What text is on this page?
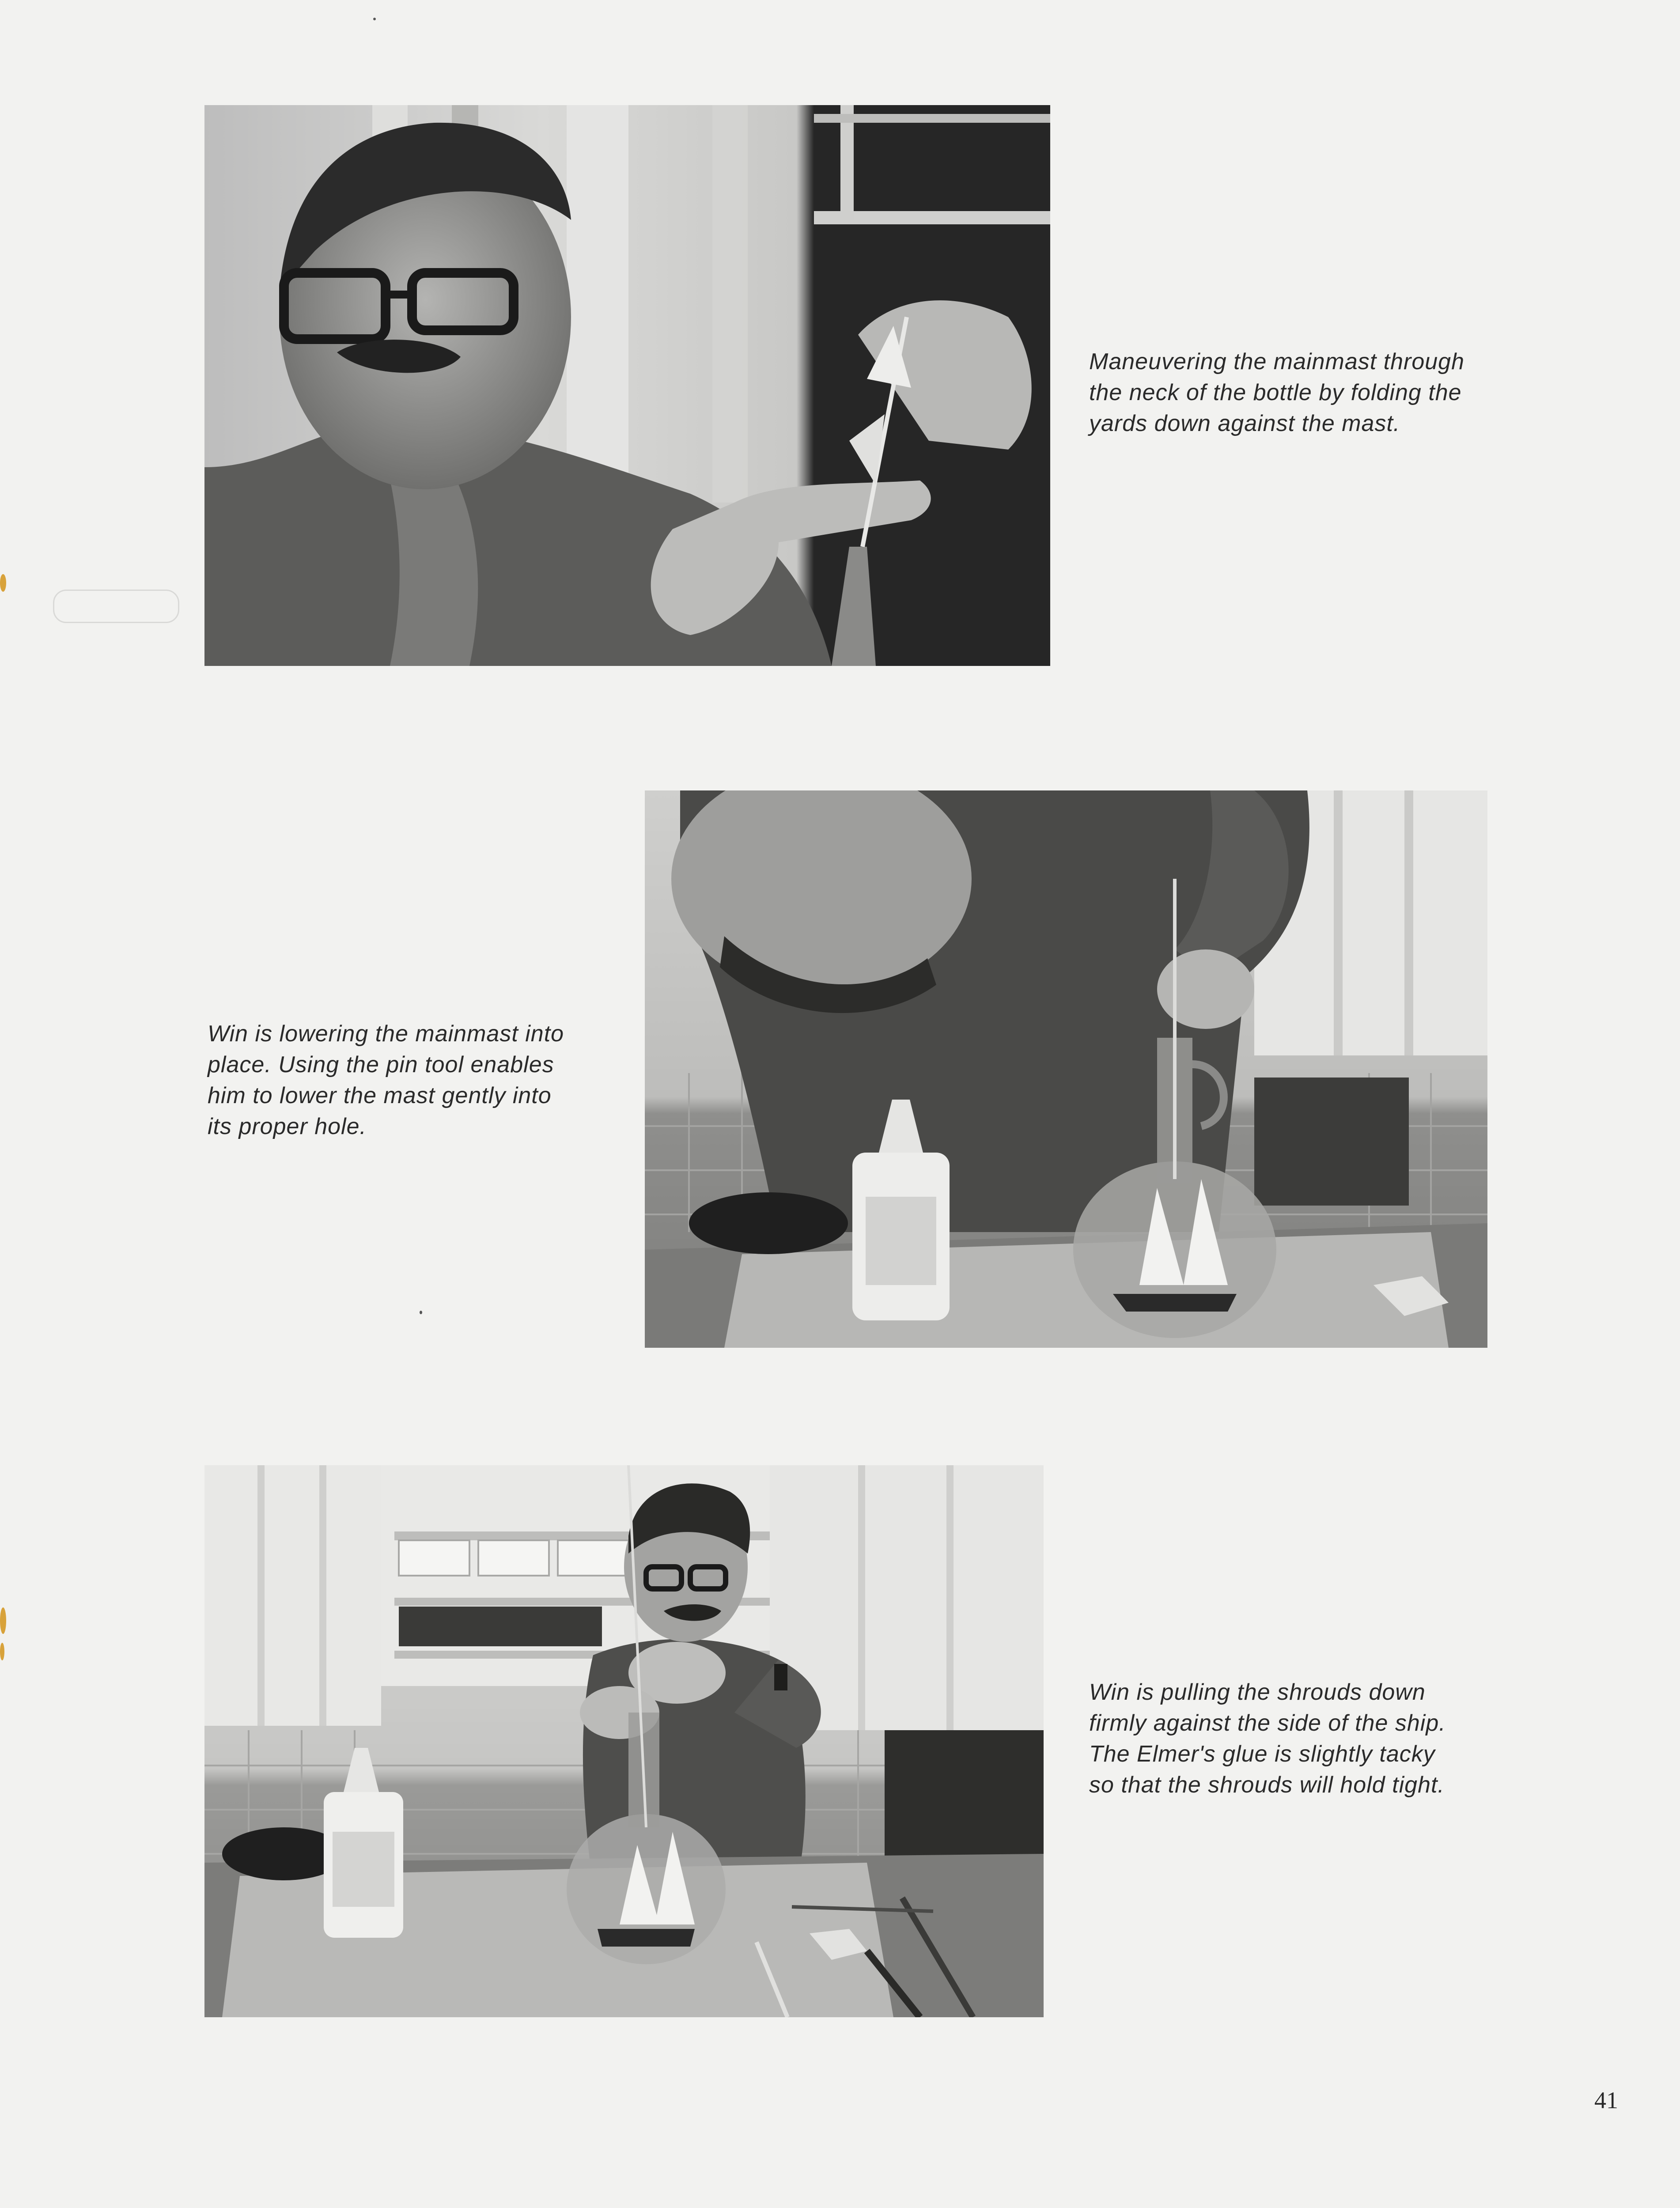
Maneuvering the mainmast through
the neck of the bottle by folding the
yards down against the mast.

Win is lowering the mainmast into
place. Using the pin tool enables
him to lower the mast gently into
its proper hole.

Win is pulling the shrouds down
firmly against the side of the ship.
The Elmer's glue is slightly tacky
so that the shrouds will hold tight.

41
